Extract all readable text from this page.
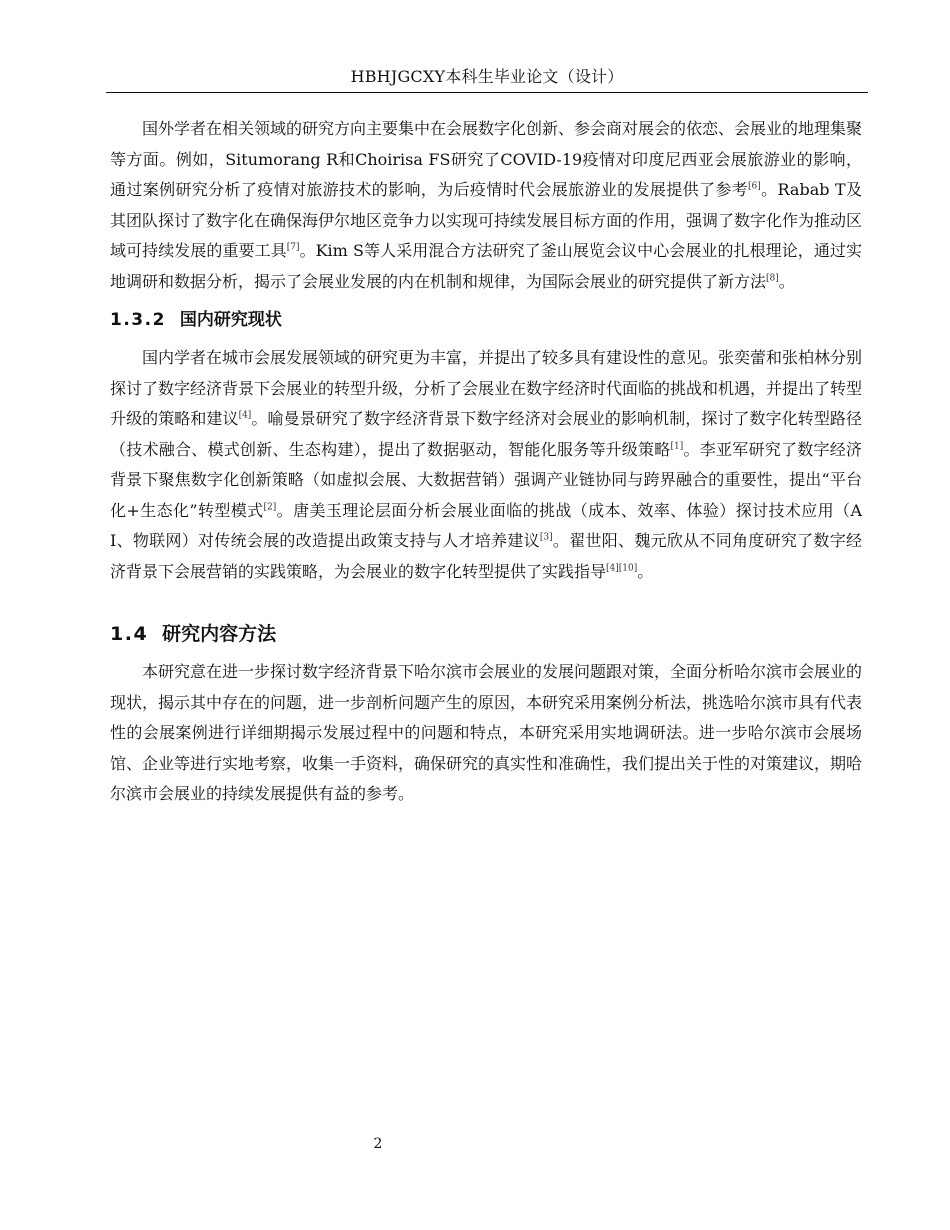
HBHJGCXY本科生毕业论文（设计）

国外学者在相关领域的研究方向主要集中在会展数字化创新、参会商对展会的依恋、会展业的地理集聚等方面。例如，Situmorang R和Choirisa FS研究了COVID-19疫情对印度尼西亚会展旅游业的影响，通过案例研究分析了疫情对旅游技术的影响，为后疫情时代会展旅游业的发展提供了参考[6]。Rabab T及其团队探讨了数字化在确保海伊尔地区竞争力以实现可持续发展目标方面的作用，强调了数字化作为推动区域可持续发展的重要工具[7]。Kim S等人采用混合方法研究了釜山展览会议中心会展业的扎根理论，通过实地调研和数据分析，揭示了会展业发展的内在机制和规律，为国际会展业的研究提供了新方法[8]。

1.3.2 国内研究现状

国内学者在城市会展发展领域的研究更为丰富，并提出了较多具有建设性的意见。张奕蕾和张柏林分别探讨了数字经济背景下会展业的转型升级，分析了会展业在数字经济时代面临的挑战和机遇，并提出了转型升级的策略和建议[4]。喻曼景研究了数字经济背景下数字经济对会展业的影响机制，探讨了数字化转型路径（技术融合、模式创新、生态构建），提出了数据驱动，智能化服务等升级策略[1]。李亚军研究了数字经济背景下聚焦数字化创新策略（如虚拟会展、大数据营销）强调产业链协同与跨界融合的重要性，提出“平台化+生态化”转型模式[2]。唐美玉理论层面分析会展业面临的挑战（成本、效率、体验）探讨技术应用（AI、物联网）对传统会展的改造提出政策支持与人才培养建议[3]。翟世阳、魏元欣从不同角度研究了数字经济背景下会展营销的实践策略，为会展业的数字化转型提供了实践指导[4][10]。

1.4 研究内容方法

本研究意在进一步探讨数字经济背景下哈尔滨市会展业的发展问题跟对策，全面分析哈尔滨市会展业的现状，揭示其中存在的问题，进一步剖析问题产生的原因，本研究采用案例分析法，挑选哈尔滨市具有代表性的会展案例进行详细期揭示发展过程中的问题和特点，本研究采用实地调研法。进一步哈尔滨市会展场馆、企业等进行实地考察，收集一手资料，确保研究的真实性和准确性，我们提出关于性的对策建议，期哈尔滨市会展业的持续发展提供有益的参考。

2
